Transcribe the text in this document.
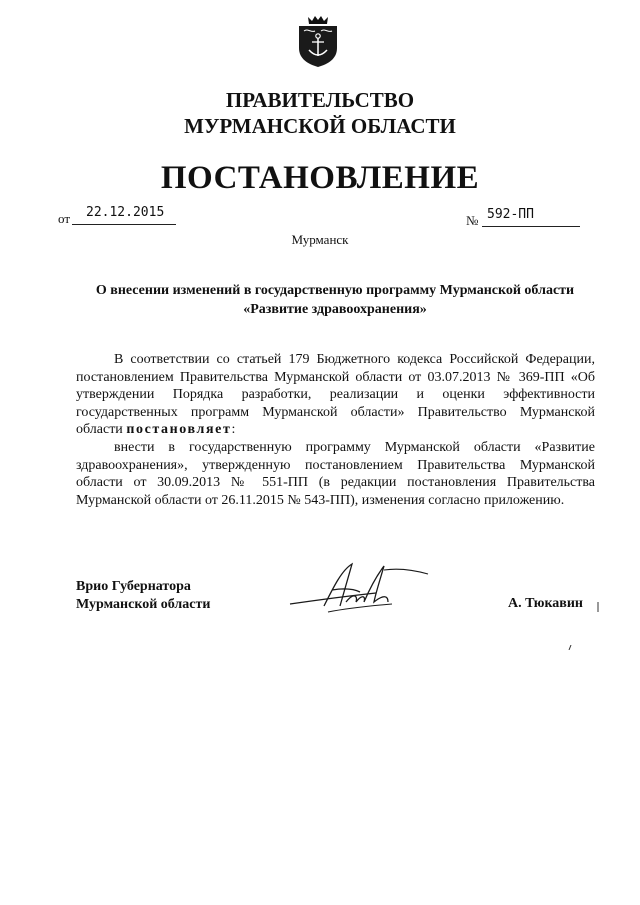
ПРАВИТЕЛЬСТВО
МУРМАНСКОЙ ОБЛАСТИ
ПОСТАНОВЛЕНИЕ
от 22.12.2015
№ 592-ПП
Мурманск
О внесении изменений в государственную программу Мурманской области
«Развитие здравоохранения»

В соответствии со статьей 179 Бюджетного кодекса Российской Федерации, постановлением Правительства Мурманской области от 03.07.2013 № 369-ПП «Об утверждении Порядка разработки, реализации и оценки эффективности государственных программ Мурманской области» Правительство Мурманской области постановляет:

внести в государственную программу Мурманской области «Развитие здравоохранения», утвержденную постановлением Правительства Мурманской области от 30.09.2013 № 551-ПП (в редакции постановления Правительства Мурманской области от 26.11.2015 № 543-ПП), изменения согласно приложению.

Врио Губернатора
Мурманской области	А. Тюкавин
